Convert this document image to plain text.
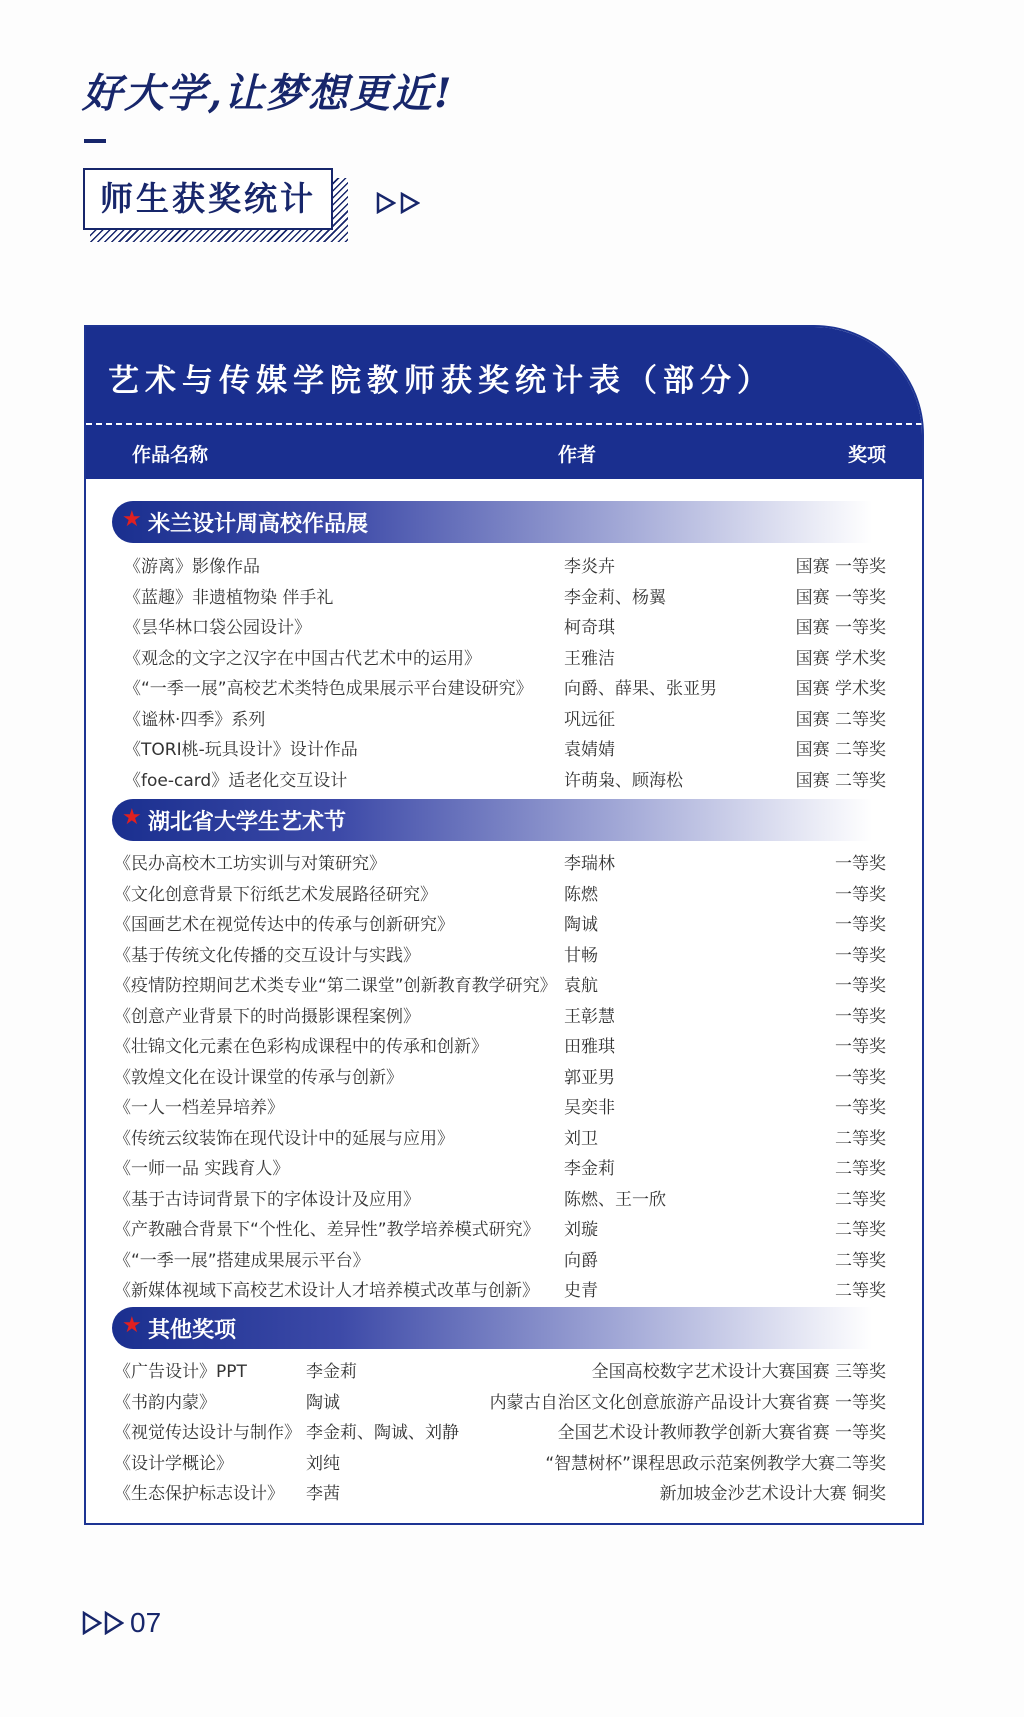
好大学,让梦想更近!
师生获奖统计
艺术与传媒学院教师获奖统计表（部分）
作品名称	作者	奖项
★ 米兰设计周高校作品展
《游离》影像作品	李炎卉	国赛 一等奖
《蓝趣》非遗植物染 伴手礼	李金莉、杨翼	国赛 一等奖
《昙华林口袋公园设计》	柯奇琪	国赛 一等奖
《观念的文字之汉字在中国古代艺术中的运用》	王雅洁	国赛 学术奖
《“一季一展”高校艺术类特色成果展示平台建设研究》 向爵、薛果、张亚男	国赛 学术奖
《谧林·四季》系列	巩远征	国赛 二等奖
《TORI桃-玩具设计》设计作品	袁婧婧	国赛 二等奖
《foe-card》适老化交互设计	许萌枭、顾海松	国赛 二等奖
★ 湖北省大学生艺术节
《民办高校木工坊实训与对策研究》	李瑞林	一等奖
《文化创意背景下衍纸艺术发展路径研究》	陈燃	一等奖
《国画艺术在视觉传达中的传承与创新研究》	陶诚	一等奖
《基于传统文化传播的交互设计与实践》	甘畅	一等奖
《疫情防控期间艺术类专业“第二课堂”创新教育教学研究》 袁航	一等奖
《创意产业背景下的时尚摄影课程案例》	王彰慧	一等奖
《壮锦文化元素在色彩构成课程中的传承和创新》	田雅琪	一等奖
《敦煌文化在设计课堂的传承与创新》	郭亚男	一等奖
《一人一档差异培养》	吴奕非	一等奖
《传统云纹装饰在现代设计中的延展与应用》	刘卫	二等奖
《一师一品 实践育人》	李金莉	二等奖
《基于古诗词背景下的字体设计及应用》	陈燃、王一欣	二等奖
《产教融合背景下“个性化、差异性”教学培养模式研究》 刘璇	二等奖
《“一季一展”搭建成果展示平台》	向爵	二等奖
《新媒体视域下高校艺术设计人才培养模式改革与创新》 史青	二等奖
★ 其他奖项
《广告设计》PPT	李金莉	全国高校数字艺术设计大赛国赛 三等奖
《书韵内蒙》	陶诚	内蒙古自治区文化创意旅游产品设计大赛省赛 一等奖
《视觉传达设计与制作》 李金莉、陶诚、刘静	全国艺术设计教师教学创新大赛省赛 一等奖
《设计学概论》	刘纯	“智慧树杯”课程思政示范案例教学大赛二等奖
《生态保护标志设计》 李茜	新加坡金沙艺术设计大赛 铜奖
07
